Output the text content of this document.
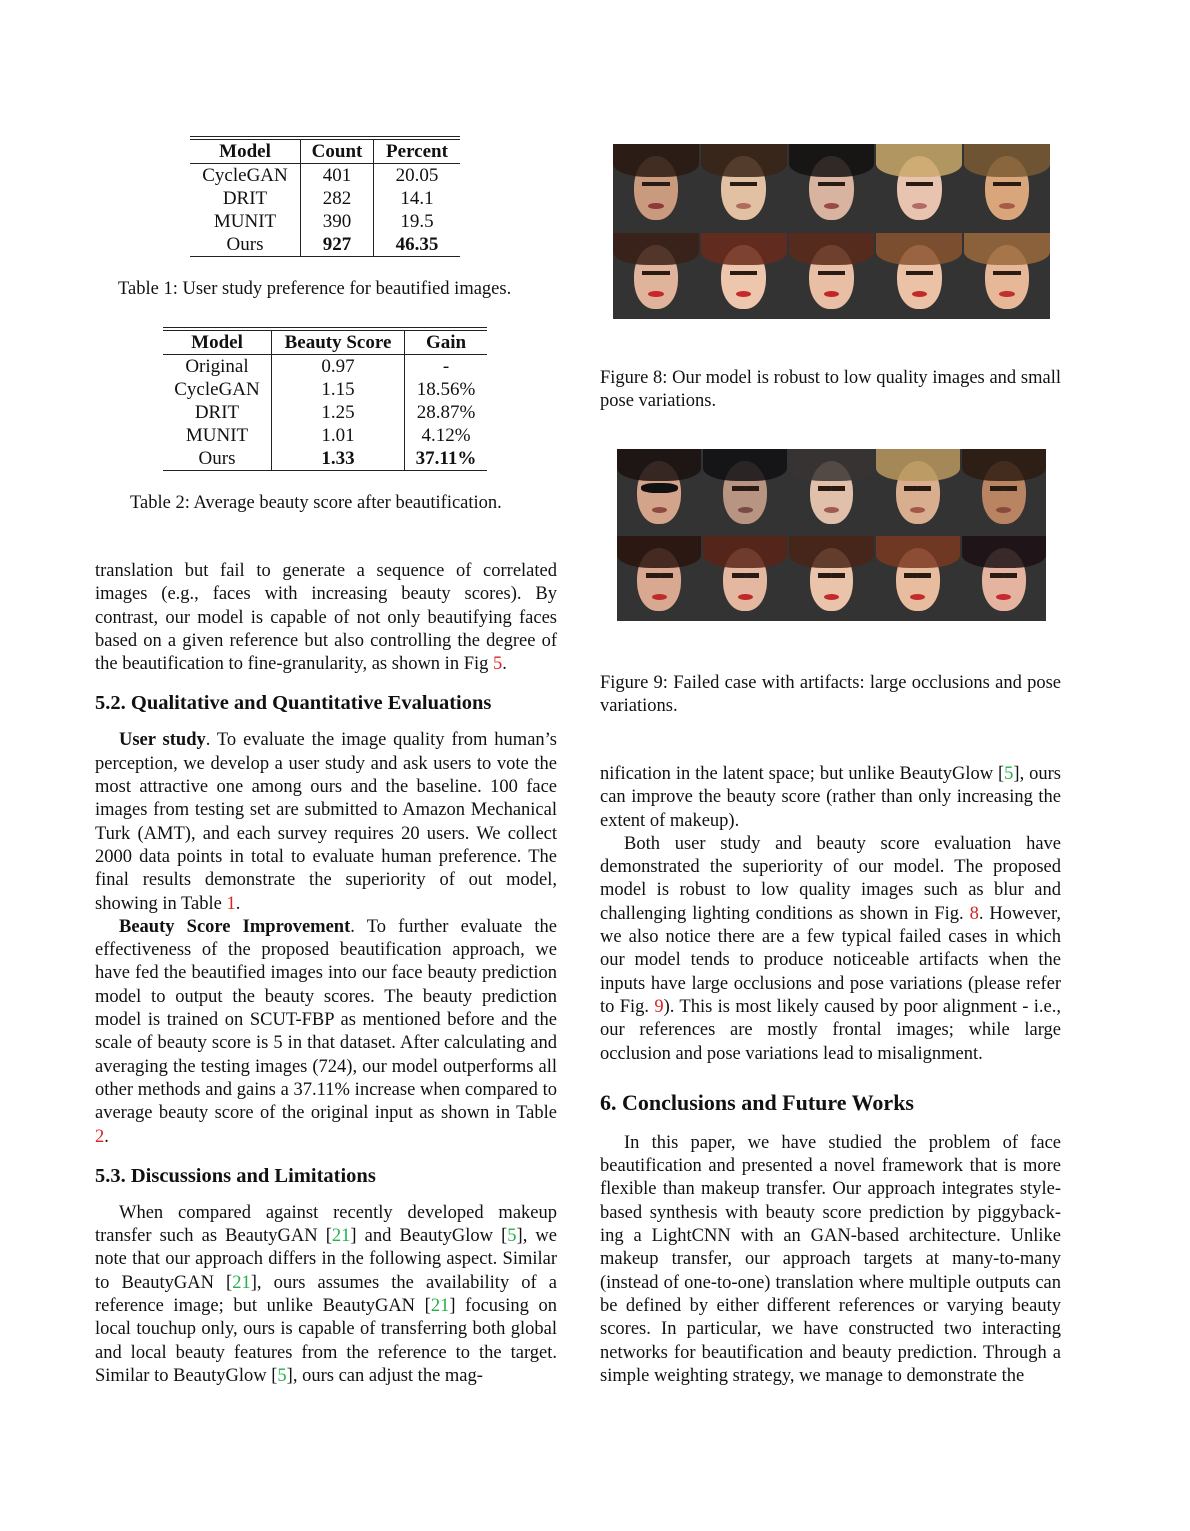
Model	Count	Percent
CycleGAN	401	20.05
DRIT	282	14.1
MUNIT	390	19.5
Ours	927	46.35
Table 1: User study preference for beautified images.
Model	Beauty Score	Gain
Original	0.97	-
CycleGAN	1.15	18.56%
DRIT	1.25	28.87%
MUNIT	1.01	4.12%
Ours	1.33	37.11%
Table 2: Average beauty score after beautification.

translation but fail to generate a sequence of correlated images (e.g., faces with increasing beauty scores). By contrast, our model is capable of not only beautifying faces based on a given reference but also controlling the degree of the beautification to fine-granularity, as shown in Fig 5.

5.2. Qualitative and Quantitative Evaluations

User study. To evaluate the image quality from human’s perception, we develop a user study and ask users to vote the most attractive one among ours and the baseline. 100 face images from testing set are submitted to Amazon Mechanical Turk (AMT), and each survey requires 20 users. We collect 2000 data points in total to evaluate human preference. The final results demonstrate the superiority of out model, showing in Table 1.

Beauty Score Improvement. To further evaluate the effectiveness of the proposed beautification approach, we have fed the beautified images into our face beauty prediction model to output the beauty scores. The beauty prediction model is trained on SCUT-FBP as mentioned before and the scale of beauty score is 5 in that dataset. After calculating and averaging the testing images (724), our model outperforms all other methods and gains a 37.11% increase when compared to average beauty score of the original input as shown in Table 2.

5.3. Discussions and Limitations

When compared against recently developed makeup transfer such as BeautyGAN [21] and BeautyGlow [5], we note that our approach differs in the following aspect. Similar to BeautyGAN [21], ours assumes the availability of a reference image; but unlike BeautyGAN [21] focusing on local touchup only, ours is capable of transferring both global and local beauty features from the reference to the target. Similar to BeautyGlow [5], ours can adjust the mag-

Figure 8: Our model is robust to low quality images and small pose variations.
Figure 9: Failed case with artifacts: large occlusions and pose variations.

nification in the latent space; but unlike BeautyGlow [5], ours can improve the beauty score (rather than only increasing the extent of makeup).

Both user study and beauty score evaluation have demonstrated the superiority of our model. The proposed model is robust to low quality images such as blur and challenging lighting conditions as shown in Fig. 8. However, we also notice there are a few typical failed cases in which our model tends to produce noticeable artifacts when the inputs have large occlusions and pose variations (please refer to Fig. 9). This is most likely caused by poor alignment - i.e., our references are mostly frontal images; while large occlusion and pose variations lead to misalignment.

6. Conclusions and Future Works

In this paper, we have studied the problem of face beautification and presented a novel framework that is more flexible than makeup transfer. Our approach integrates style-based synthesis with beauty score prediction by piggyback-ing a LightCNN with an GAN-based architecture. Unlike makeup transfer, our approach targets at many-to-many (instead of one-to-one) translation where multiple outputs can be defined by either different references or varying beauty scores. In particular, we have constructed two interacting networks for beautification and beauty prediction. Through a simple weighting strategy, we manage to demonstrate the
